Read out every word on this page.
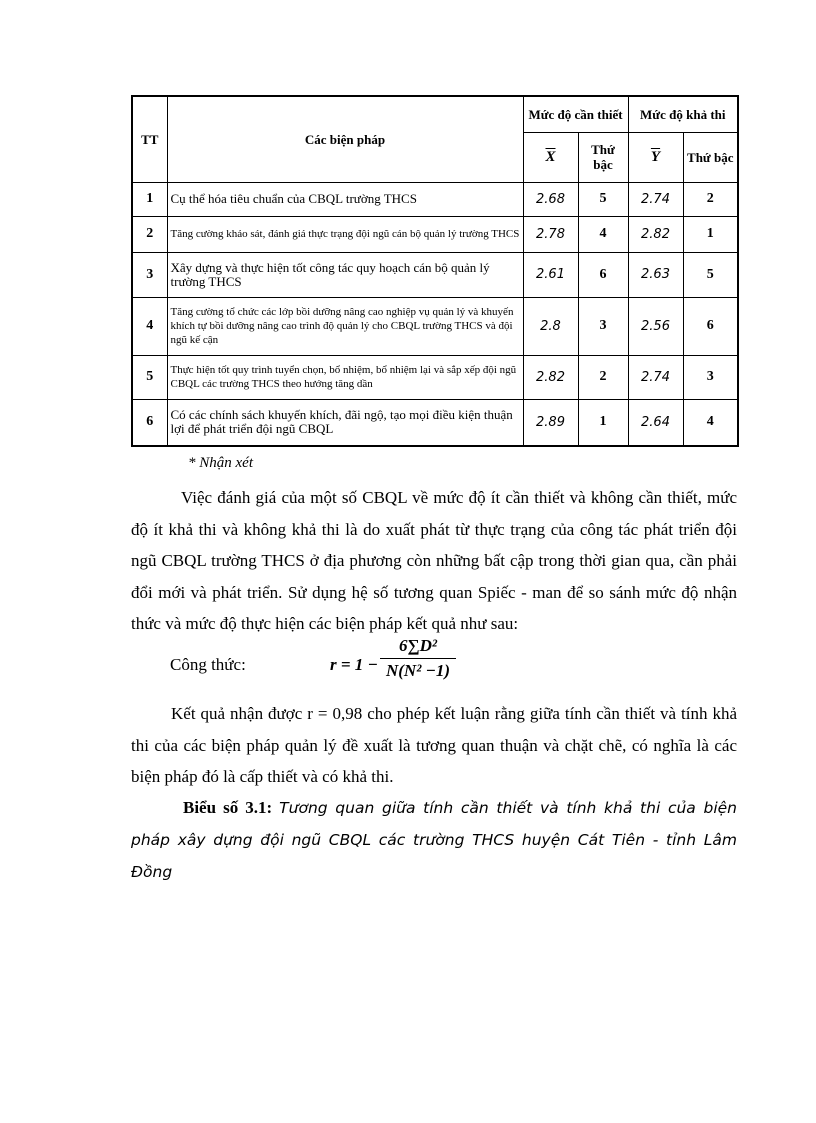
TT	Các biện pháp	Mức độ cần thiết		Mức độ khả thi	
		$\overline{X}$	Thứ bậc	$\overline{Y}$	Thứ bậc
1	Cụ thể hóa tiêu chuẩn của CBQL trường THCS	2.68	5	2.74	2
2	Tăng cường khảo sát, đánh giá thực trạng đội ngũ cán bộ quản lý trường THCS	2.78	4	2.82	1
3	Xây dựng và thực hiện tốt công tác quy hoạch cán bộ quản lý trường THCS	2.61	6	2.63	5
4	Tăng cường tổ chức các lớp bồi dưỡng nâng cao nghiệp vụ quản lý và khuyến khích tự bồi dưỡng nâng cao trình độ quản lý cho CBQL trường THCS và đội ngũ kế cận	2.8	3	2.56	6
5	Thực hiện tốt quy trình tuyển chọn, bổ nhiệm, bổ nhiệm lại và sắp xếp đội ngũ CBQL các trường THCS theo hướng tăng dần	2.82	2	2.74	3
6	Có các chính sách khuyến khích, đãi ngộ, tạo mọi điều kiện thuận lợi để phát triển đội ngũ CBQL	2.89	1	2.64	4
* Nhận xét
Việc đánh giá của một số CBQL về mức độ ít cần thiết và không cần thiết, mức độ ít khả thi và không khả thi là do xuất phát từ thực trạng của công tác phát triển đội ngũ CBQL trường THCS ở địa phương còn những bất cập trong thời gian qua, cần phải đổi mới và phát triển. Sử dụng hệ số tương quan Spiếc - man để so sánh mức độ nhận thức và mức độ thực hiện các biện pháp kết quả như sau:
Công thức:	$r = 1 - \frac{\text{6∑D²}}{\text{N(N² −1)}}$
Kết quả nhận được r = 0,98 cho phép kết luận rằng giữa tính cần thiết và tính khả thi của các biện pháp quản lý đề xuất là tương quan thuận và chặt chẽ, có nghĩa là các biện pháp đó là cấp thiết và có khả thi.
Biểu số 3.1: Tương quan giữa tính cần thiết và tính khả thi của biện pháp xây dựng đội ngũ CBQL các trường THCS huyện Cát Tiên - tỉnh Lâm Đồng
